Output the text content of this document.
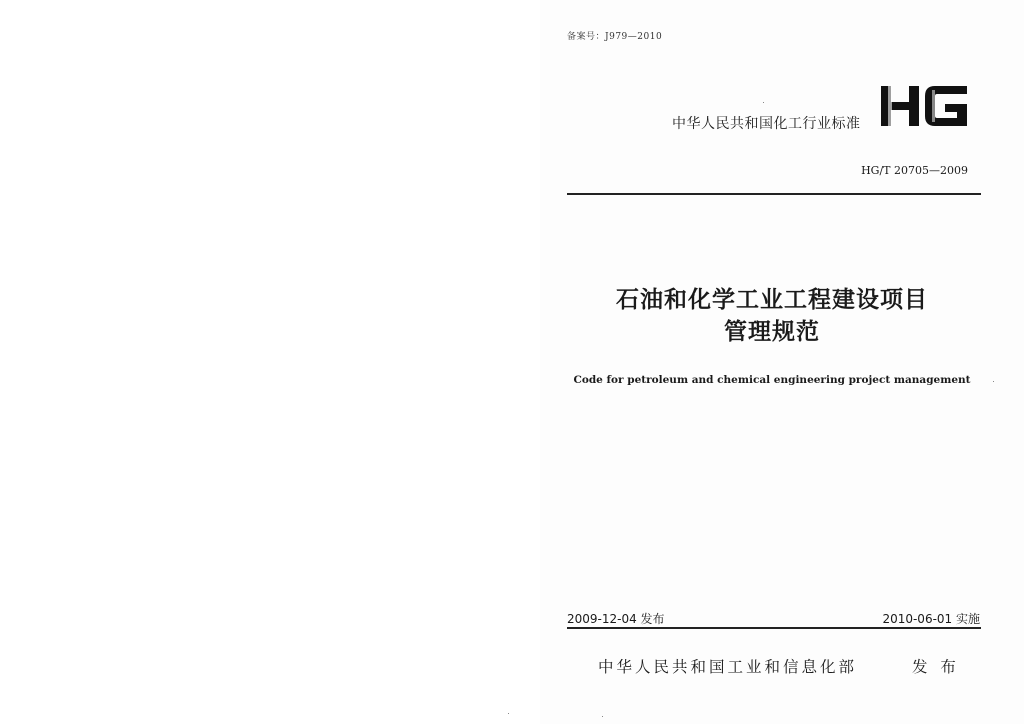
备案号：J979—2010
中华人民共和国化工行业标准
HG/T 20705—2009
石油和化学工业工程建设项目
管理规范
Code for petroleum and chemical engineering project management
2009-12-04 发布	2010-06-01 实施
中华人民共和国工业和信息化部	发 布
